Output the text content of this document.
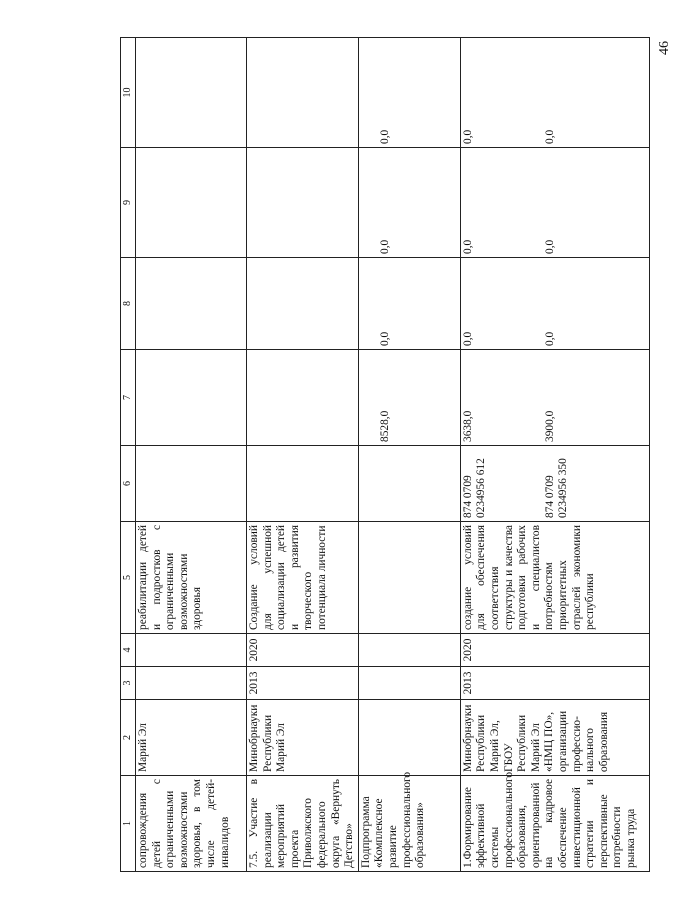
46
1	2	3	4	5	6	7	8	9	10
сопровождения детей с ограниченными возможностями здоровья, в том числе детей-инвалидов	Марий Эл			реабилитации детей и подростков с ограниченными возможностями здоровья					
7.5. Участие в реализации мероприятий проекта Приволжского федерального округа «Вернуть Детство»	Минобрнауки Республики Марий Эл	2013	2020	Создание условий для успешной социализации детей и развития творческого потенциала личности					
Подпрограмма «Комплексное развитие профессионального образования»						8528,0	0,0	0,0	0,0
1.Формирование эффективной системы профессионального образования, ориентированной на кадровое обеспечение инвестиционной стратегии и перспективные потребности рынка труда	Минобрнауки Республики Марий Эл, ГБОУ Республики Марий Эл «НМЦ ПО», организации профессио-нального образования	2013	2020	создание условий для обеспечения соответствия структуры и качества подготовки рабочих и специалистов потребностям приоритетных отраслей экономики республики	874 0709 0234956 612 874 0709 0234956 350	3638,0 3900,0	0,0 0,0	0,0 0,0	0,0 0,0
